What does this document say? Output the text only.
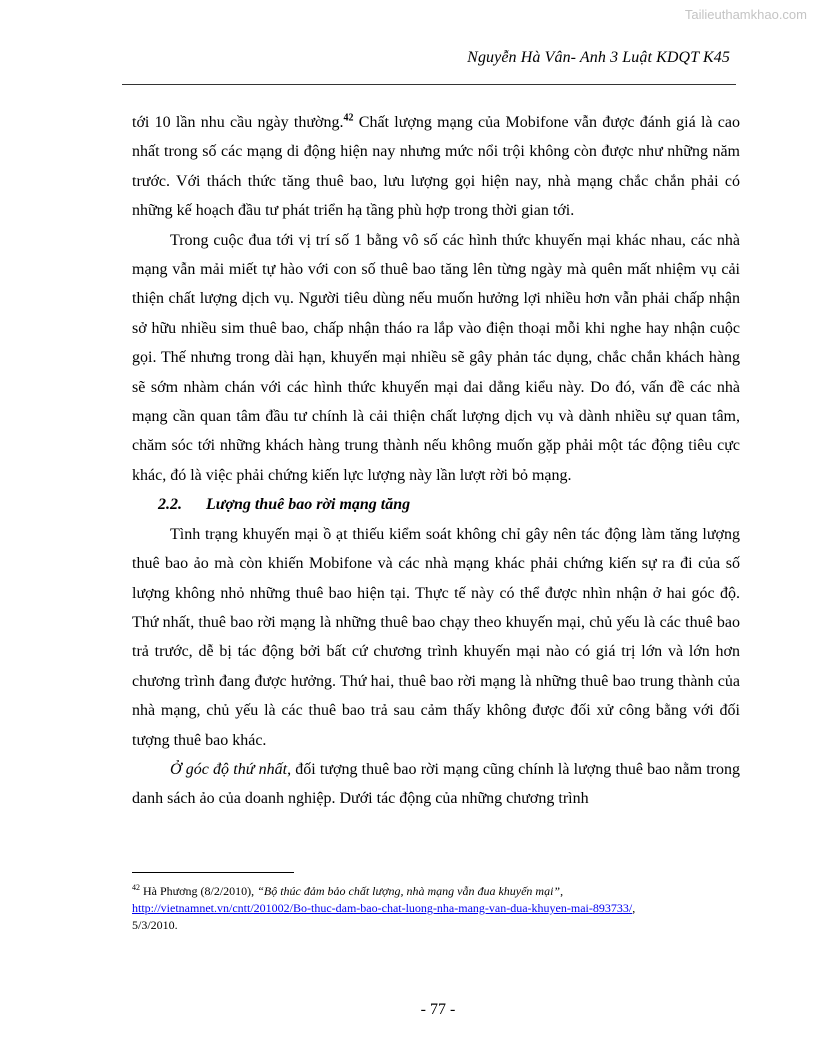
Tailieuthamkhao.com
Nguyễn Hà Vân- Anh 3 Luật KDQT K45

tới 10 lần nhu cầu ngày thường.$^{42}$ Chất lượng mạng của Mobifone vẫn được đánh giá là cao nhất trong số các mạng di động hiện nay nhưng mức nổi trội không còn được như những năm trước. Với thách thức tăng thuê bao, lưu lượng gọi hiện nay, nhà mạng chắc chắn phải có những kế hoạch đầu tư phát triển hạ tầng phù hợp trong thời gian tới.

Trong cuộc đua tới vị trí số 1 bằng vô số các hình thức khuyến mại khác nhau, các nhà mạng vẫn mải miết tự hào với con số thuê bao tăng lên từng ngày mà quên mất nhiệm vụ cải thiện chất lượng dịch vụ. Người tiêu dùng nếu muốn hưởng lợi nhiều hơn vẫn phải chấp nhận sở hữu nhiều sim thuê bao, chấp nhận tháo ra lắp vào điện thoại mỗi khi nghe hay nhận cuộc gọi. Thế nhưng trong dài hạn, khuyến mại nhiều sẽ gây phản tác dụng, chắc chắn khách hàng sẽ sớm nhàm chán với các hình thức khuyến mại dai dẳng kiểu này. Do đó, vấn đề các nhà mạng cần quan tâm đầu tư chính là cải thiện chất lượng dịch vụ và dành nhiều sự quan tâm, chăm sóc tới những khách hàng trung thành nếu không muốn gặp phải một tác động tiêu cực khác, đó là việc phải chứng kiến lực lượng này lần lượt rời bỏ mạng.

2.2. Lượng thuê bao rời mạng tăng

Tình trạng khuyến mại ồ ạt thiếu kiểm soát không chỉ gây nên tác động làm tăng lượng thuê bao ảo mà còn khiến Mobifone và các nhà mạng khác phải chứng kiến sự ra đi của số lượng không nhỏ những thuê bao hiện tại. Thực tế này có thể được nhìn nhận ở hai góc độ. Thứ nhất, thuê bao rời mạng là những thuê bao chạy theo khuyến mại, chủ yếu là các thuê bao trả trước, dễ bị tác động bởi bất cứ chương trình khuyến mại nào có giá trị lớn và lớn hơn chương trình đang được hưởng. Thứ hai, thuê bao rời mạng là những thuê bao trung thành của nhà mạng, chủ yếu là các thuê bao trả sau cảm thấy không được đối xử công bằng với đối tượng thuê bao khác.

Ở góc độ thứ nhất, đối tượng thuê bao rời mạng cũng chính là lượng thuê bao nằm trong danh sách ảo của doanh nghiệp. Dưới tác động của những chương trình

$^{42}$ Hà Phương (8/2/2010), “Bộ thúc đảm bảo chất lượng, nhà mạng vẫn đua khuyến mại”,
http://vietnamnet.vn/cntt/201002/Bo-thuc-dam-bao-chat-luong-nha-mang-van-dua-khuyen-mai-893733/,
5/3/2010.
- 77 -
